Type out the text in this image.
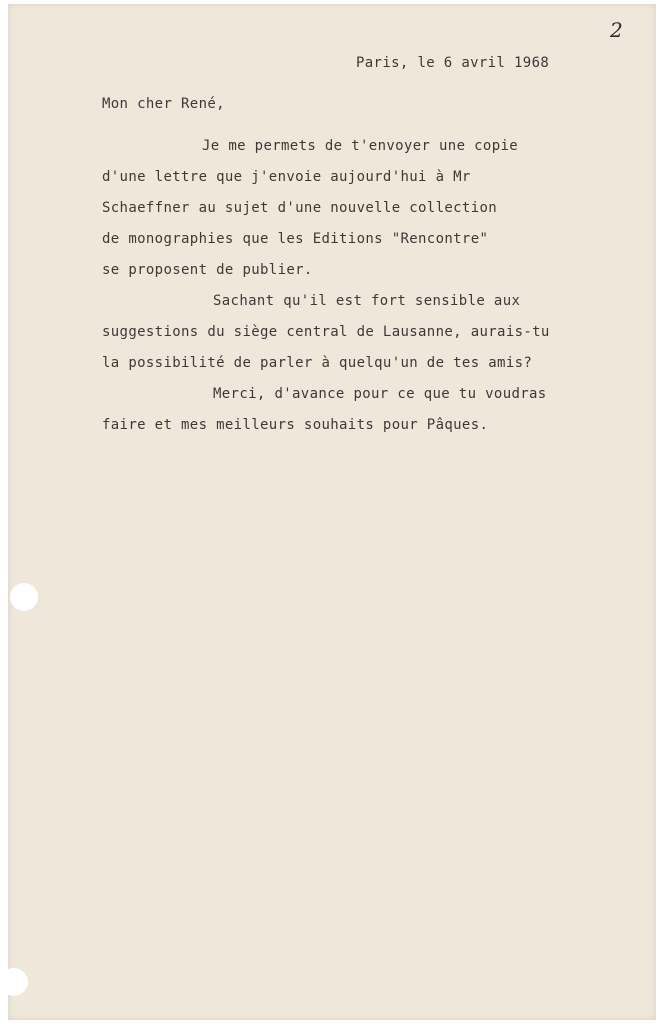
2
Paris, le 6 avril 1968
Mon cher René,
Je me permets de t'envoyer une copie
d'une lettre que j'envoie aujourd'hui à Mr
Schaeffner au sujet d'une nouvelle collection
de monographies que les Editions "Rencontre"
se proposent de publier.
Sachant qu'il est fort sensible aux
suggestions du siège central de Lausanne, aurais-tu
la possibilité de parler à quelqu'un de tes amis?
Merci, d'avance pour ce que tu voudras
faire et mes meilleurs souhaits pour Pâques.
